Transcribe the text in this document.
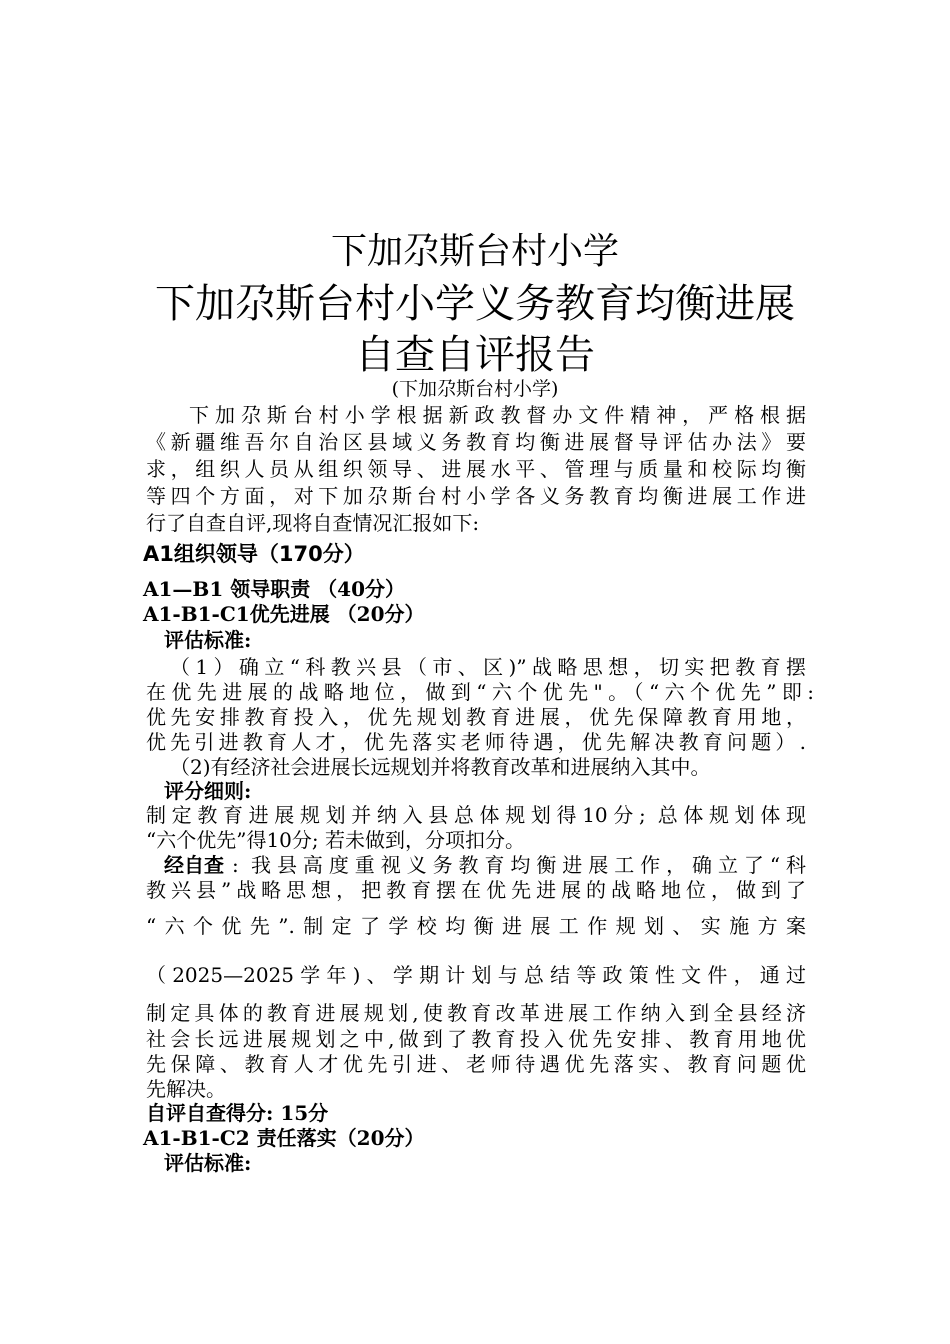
下加尕斯台村小学
下加尕斯台村小学义务教育均衡进展
自查自评报告
(下加尕斯台村小学)
下加尕斯台村小学根据新政教督办文件精神，严格根据
《新疆维吾尔自治区县域义务教育均衡进展督导评估办法》要
求，组织人员从组织领导、进展水平、管理与质量和校际均衡
等四个方面，对下加尕斯台村小学各义务教育均衡进展工作进
行了自查自评,现将自查情况汇报如下:
A1组织领导（170分）
A1—B1 领导职责 （40分）
A1-B1-C1优先进展 （20分）
评估标准:
（1）确立“科教兴县（市、区)”战略思想，切实把教育摆
在优先进展的战略地位，做到“六个优先"。（“六个优先”即:
优先安排教育投入，优先规划教育进展，优先保障教育用地，
优先引进教育人才，优先落实老师待遇，优先解决教育问题）.
（2)有经济社会进展长远规划并将教育改革和进展纳入其中。
评分细则:
制定教育进展规划并纳入县总体规划得10分; 总体规划体现
“六个优先”得10分; 若未做到，分项扣分。
经自查 : 我县高度重视义务教育均衡进展工作，确立了“科
教兴县”战略思想，把教育摆在优先进展的战略地位，做到了
“六个优先”.制定了学校均衡进展工作规划、实施方案
（2025—2025学年)、学期计划与总结等政策性文件，通过
制定具体的教育进展规划,使教育改革进展工作纳入到全县经济
社会长远进展规划之中,做到了教育投入优先安排、教育用地优
先保障、教育人才优先引进、老师待遇优先落实、教育问题优
先解决。
自评自查得分: 15分
A1-B1-C2 责任落实（20分）
评估标准:
